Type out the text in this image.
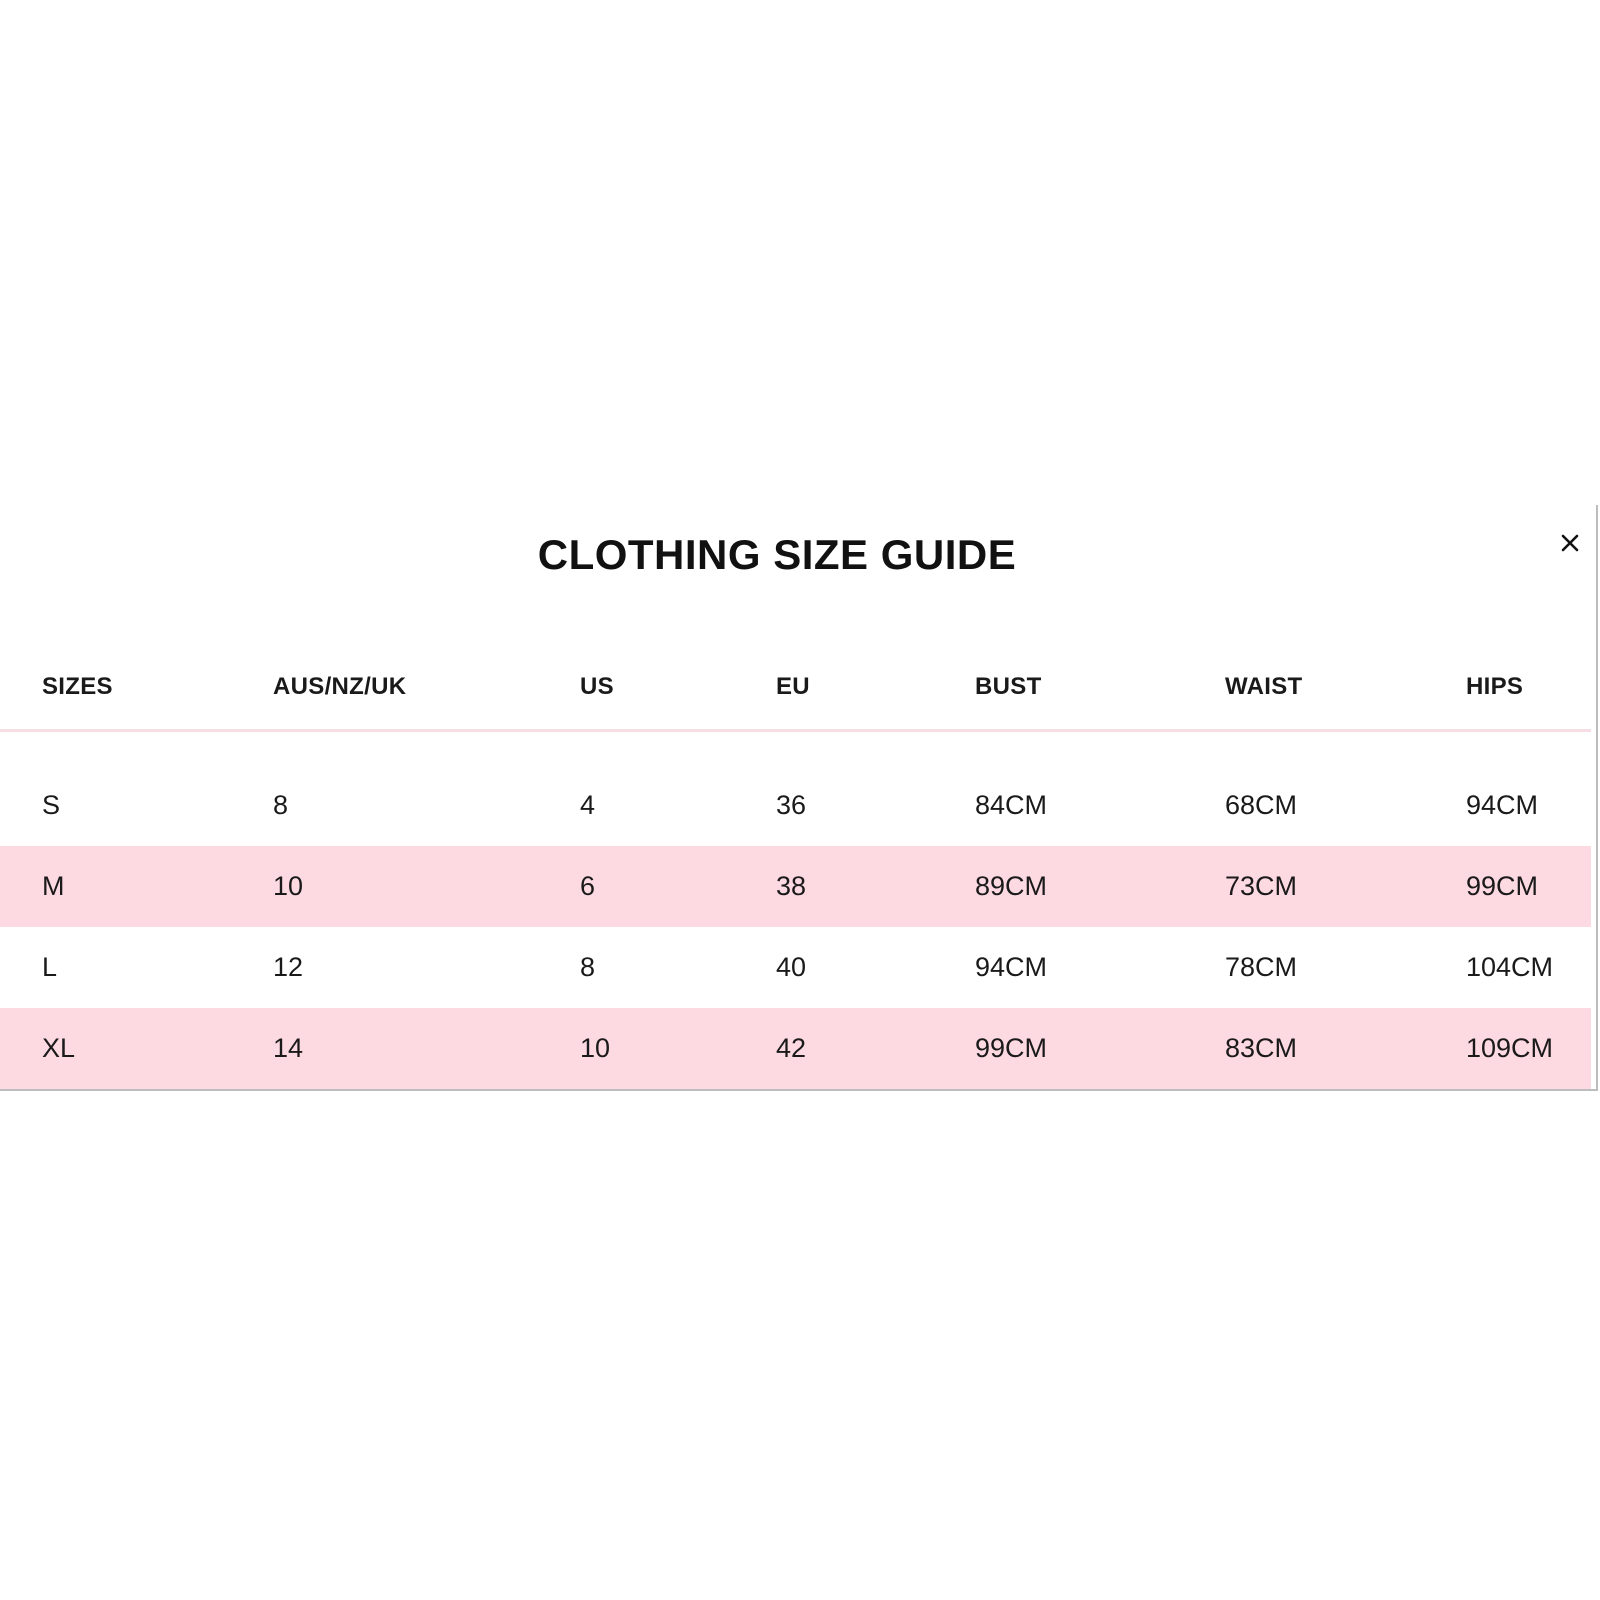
CLOTHING SIZE GUIDE
SIZES	AUS/NZ/UK	US	EU	BUST	WAIST	HIPS
S	8	4	36	84CM	68CM	94CM
M	10	6	38	89CM	73CM	99CM
L	12	8	40	94CM	78CM	104CM
XL	14	10	42	99CM	83CM	109CM
